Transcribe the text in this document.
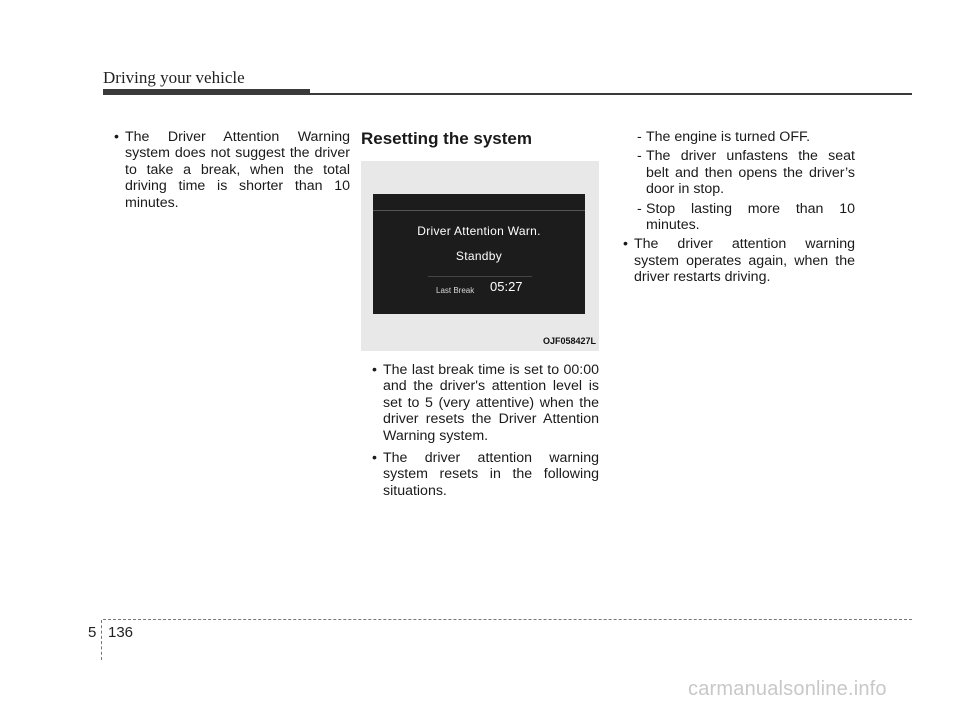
Driving your vehicle

• The Driver Attention Warning system does not suggest the driver to take a break, when the total driving time is shorter than 10 minutes.

Resetting the system
Driver Attention Warn.
Standby
Last Break 05:27
OJF058427L

• The last break time is set to 00:00 and the driver's attention level is set to 5 (very attentive) when the driver resets the Driver Attention Warning system.

• The driver attention warning system resets in the following situations.

- The engine is turned OFF.

- The driver unfastens the seat belt and then opens the driver’s door in stop.

- Stop lasting more than 10 minutes.

• The driver attention warning system operates again, when the driver restarts driving.

5 136
carmanualsonline.info
